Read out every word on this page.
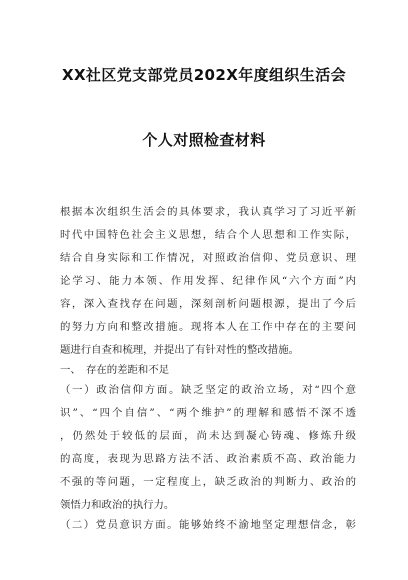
XX社区党支部党员202X年度组织生活会
个人对照检查材料
根据本次组织生活会的具体要求，我认真学习了习近平新
时代中国特色社会主义思想，结合个人思想和工作实际，
结合自身实际和工作情况，对照政治信仰、党员意识、理
论学习、能力本领、作用发挥、纪律作风“六个方面”内
容，深入查找存在问题，深刻剖析问题根源，提出了今后
的努力方向和整改措施。现将本人在工作中存在的主要问
题进行自查和梳理，并提出了有针对性的整改措施。
一、　存在的差距和不足
（一）政治信仰方面。缺乏坚定的政治立场，对“四个意
识”、“四个自信”、“两个维护”的理解和感悟不深不透
，仍然处于较低的层面，尚未达到凝心铸魂、修炼升级
的高度，表现为思路方法不活、政治素质不高、政治能力
不强的等问题，一定程度上，缺乏政治的判断力、政治的
领悟力和政治的执行力。
（二）党员意识方面。能够始终不渝地坚定理想信念，彰
